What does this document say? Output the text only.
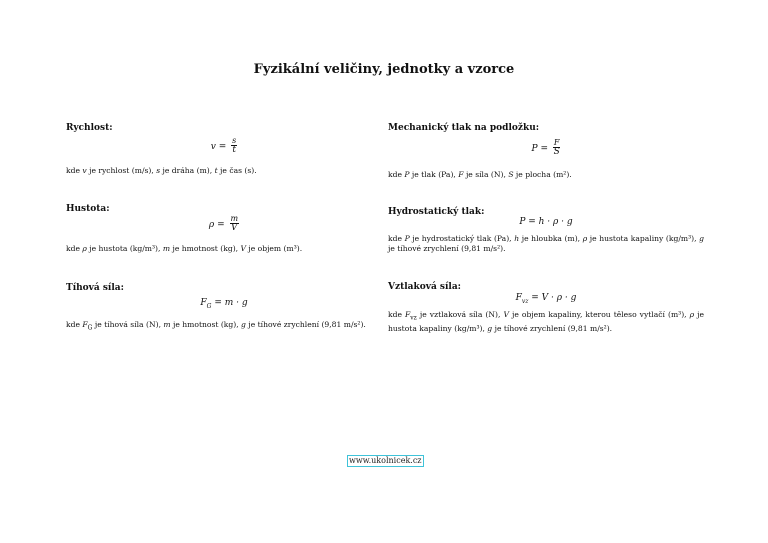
Fyzikální veličiny, jednotky a vzorce
Rychlost:
$v = \frac{s}{t}$
kde v je rychlost (m/s), s je dráha (m), t je čas (s).
Hustota:
$\rho = \frac{m}{V}$
kde ρ je hustota (kg/m³), m je hmotnost (kg), V je objem (m³).
Tíhová síla:
$F_G = m \cdot g$
kde $F_G$ je tíhová síla (N), m je hmotnost (kg), g je tíhové zrychlení (9,81 m/s²).
Mechanický tlak na podložku:
$P = \frac{F}{S}$
kde P je tlak (Pa), F je síla (N), S je plocha (m²).
Hydrostatický tlak:
P = h · ρ · g
kde P je hydrostatický tlak (Pa), h je hloubka (m), ρ je hustota kapaliny (kg/m³), g je tíhové zrychlení (9,81 m/s²).
Vztlaková síla:
$F_{vz} = V \cdot \rho \cdot g$
kde $F_{vz}$ je vztlaková síla (N), V je objem kapaliny, kterou těleso vytlačí (m³), ρ je hustota kapaliny (kg/m³), g je tíhové zrychlení (9,81 m/s²).
www.ukolnicek.cz
